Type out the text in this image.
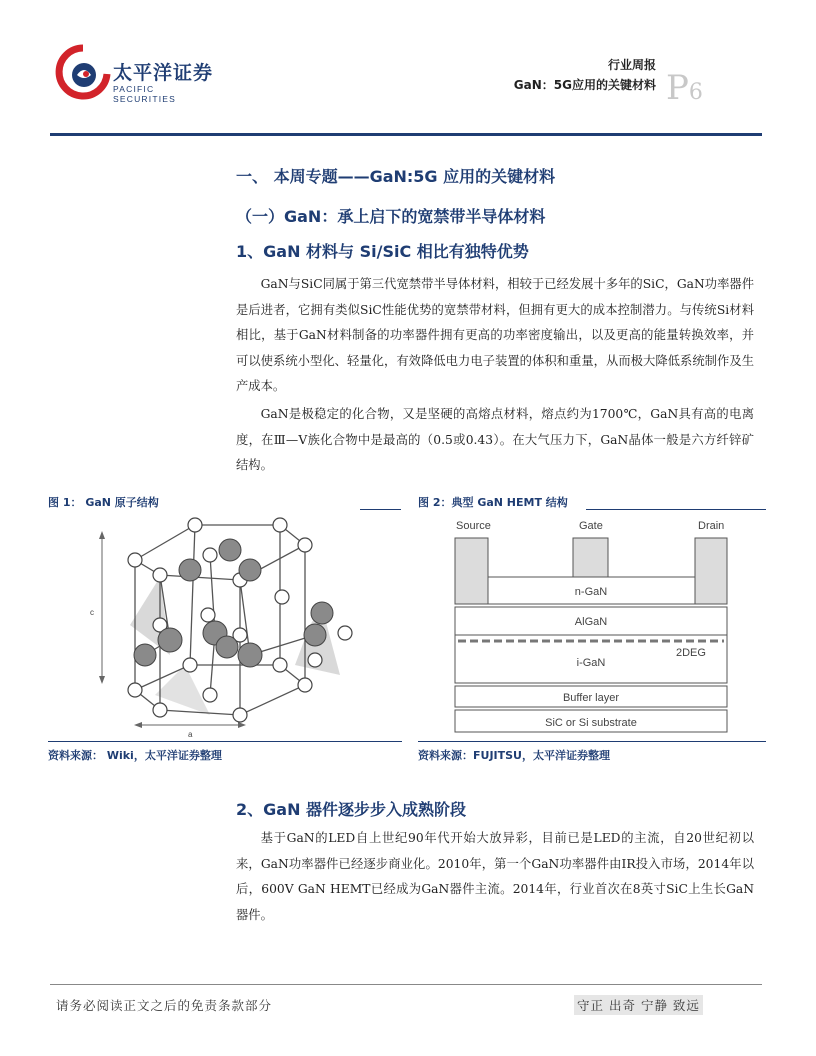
太平洋证券
PACIFIC SECURITIES
行业周报
GaN：5G应用的关键材料 P6
一、 本周专题——GaN:5G 应用的关键材料
（一）GaN：承上启下的宽禁带半导体材料
1、GaN 材料与 Si/SiC 相比有独特优势

GaN与SiC同属于第三代宽禁带半导体材料，相较于已经发展十多年的SiC，GaN功率器件是后进者，它拥有类似SiC性能优势的宽禁带材料，但拥有更大的成本控制潜力。与传统Si材料相比，基于GaN材料制备的功率器件拥有更高的功率密度输出，以及更高的能量转换效率，并可以使系统小型化、轻量化，有效降低电力电子装置的体积和重量，从而极大降低系统制作及生产成本。

GaN是极稳定的化合物，又是坚硬的高熔点材料，熔点约为1700℃，GaN具有高的电离度，在Ⅲ—Ⅴ族化合物中是最高的（0.5或0.43）。在大气压力下，GaN晶体一般是六方纤锌矿结构。

图 1： GaN 原子结构
c
a
资料来源： Wiki，太平洋证券整理
图 2：典型 GaN HEMT 结构
Source	Gate	Drain
n-GaN
AlGaN
2DEG
i-GaN
Buffer layer
SiC or Si substrate
资料来源：FUJITSU，太平洋证券整理
2、GaN 器件逐步步入成熟阶段

基于GaN的LED自上世纪90年代开始大放异彩，目前已是LED的主流，自20世纪初以来，GaN功率器件已经逐步商业化。2010年，第一个GaN功率器件由IR投入市场，2014年以后，600V GaN HEMT已经成为GaN器件主流。2014年，行业首次在8英寸SiC上生长GaN器件。

请务必阅读正文之后的免责条款部分	守正 出奇 宁静 致远
